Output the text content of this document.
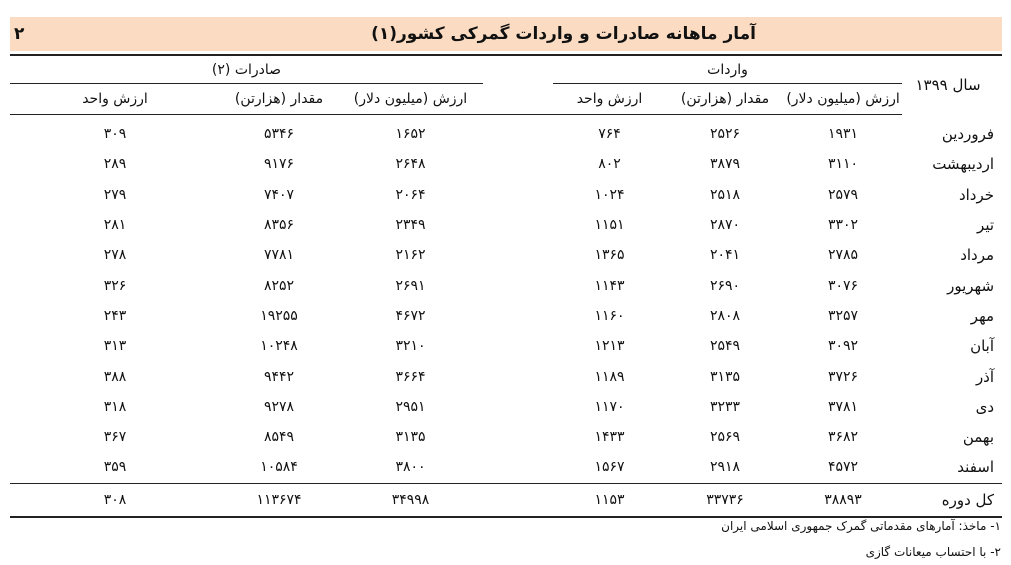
۲	آمار ماهانه صادرات و واردات گمرکی کشور(۱)
سال ۱۳۹۹	واردات				صادرات (۲)		
	ارزش (میلیون دلار)	مقدار (هزارتن)	ارزش واحد		ارزش (میلیون دلار)	مقدار (هزارتن)	ارزش واحد
فروردین	۱۹۳۱	۲۵۲۶	۷۶۴		۱۶۵۲	۵۳۴۶	۳۰۹
اردیبهشت	۳۱۱۰	۳۸۷۹	۸۰۲		۲۶۴۸	۹۱۷۶	۲۸۹
خرداد	۲۵۷۹	۲۵۱۸	۱۰۲۴		۲۰۶۴	۷۴۰۷	۲۷۹
تیر	۳۳۰۲	۲۸۷۰	۱۱۵۱		۲۳۴۹	۸۳۵۶	۲۸۱
مرداد	۲۷۸۵	۲۰۴۱	۱۳۶۵		۲۱۶۲	۷۷۸۱	۲۷۸
شهریور	۳۰۷۶	۲۶۹۰	۱۱۴۳		۲۶۹۱	۸۲۵۲	۳۲۶
مهر	۳۲۵۷	۲۸۰۸	۱۱۶۰		۴۶۷۲	۱۹۲۵۵	۲۴۳
آبان	۳۰۹۲	۲۵۴۹	۱۲۱۳		۳۲۱۰	۱۰۲۴۸	۳۱۳
آذر	۳۷۲۶	۳۱۳۵	۱۱۸۹		۳۶۶۴	۹۴۴۲	۳۸۸
دی	۳۷۸۱	۳۲۳۳	۱۱۷۰		۲۹۵۱	۹۲۷۸	۳۱۸
بهمن	۳۶۸۲	۲۵۶۹	۱۴۳۳		۳۱۳۵	۸۵۴۹	۳۶۷
اسفند	۴۵۷۲	۲۹۱۸	۱۵۶۷		۳۸۰۰	۱۰۵۸۴	۳۵۹
کل دوره	۳۸۸۹۳	۳۳۷۳۶	۱۱۵۳		۳۴۹۹۸	۱۱۳۶۷۴	۳۰۸
۱- ماخذ: آمارهای مقدماتی گمرک جمهوری اسلامی ایران
۲- با احتساب میعانات گازی
